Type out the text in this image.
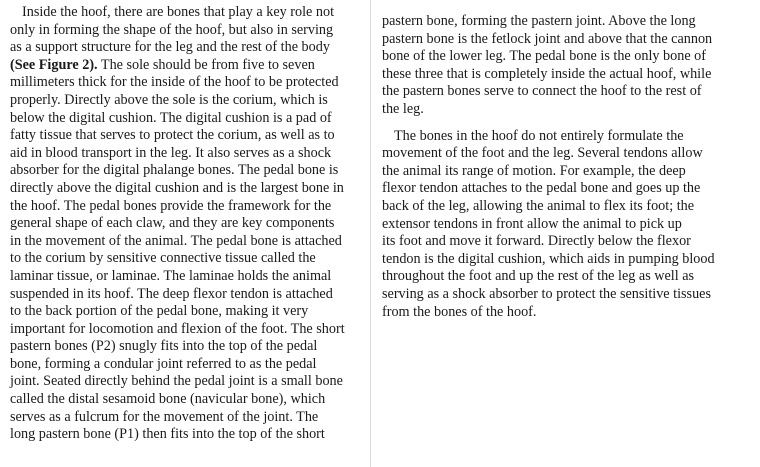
Inside the hoof, there are bones that play a key role not
only in forming the shape of the hoof, but also in serving
as a support structure for the leg and the rest of the body
(See Figure 2). The sole should be from five to seven
millimeters thick for the inside of the hoof to be protected
properly. Directly above the sole is the corium, which is
below the digital cushion. The digital cushion is a pad of
fatty tissue that serves to protect the corium, as well as to
aid in blood transport in the leg. It also serves as a shock
absorber for the digital phalange bones. The pedal bone is
directly above the digital cushion and is the largest bone in
the hoof. The pedal bones provide the framework for the
general shape of each claw, and they are key components
in the movement of the animal. The pedal bone is attached
to the corium by sensitive connective tissue called the
laminar tissue, or laminae. The laminae holds the animal
suspended in its hoof. The deep flexor tendon is attached
to the back portion of the pedal bone, making it very
important for locomotion and flexion of the foot. The short
pastern bones (P2) snugly fits into the top of the pedal
bone, forming a condular joint referred to as the pedal
joint. Seated directly behind the pedal joint is a small bone
called the distal sesamoid bone (navicular bone), which
serves as a fulcrum for the movement of the joint. The
long pastern bone (P1) then fits into the top of the short
pastern bone, forming the pastern joint. Above the long
pastern bone is the fetlock joint and above that the cannon
bone of the lower leg. The pedal bone is the only bone of
these three that is completely inside the actual hoof, while
the pastern bones serve to connect the hoof to the rest of
the leg.
The bones in the hoof do not entirely formulate the
movement of the foot and the leg. Several tendons allow
the animal its range of motion. For example, the deep
flexor tendon attaches to the pedal bone and goes up the
back of the leg, allowing the animal to flex its foot; the
extensor tendons in front allow the animal to pick up
its foot and move it forward. Directly below the flexor
tendon is the digital cushion, which aids in pumping blood
throughout the foot and up the rest of the leg as well as
serving as a shock absorber to protect the sensitive tissues
from the bones of the hoof.
